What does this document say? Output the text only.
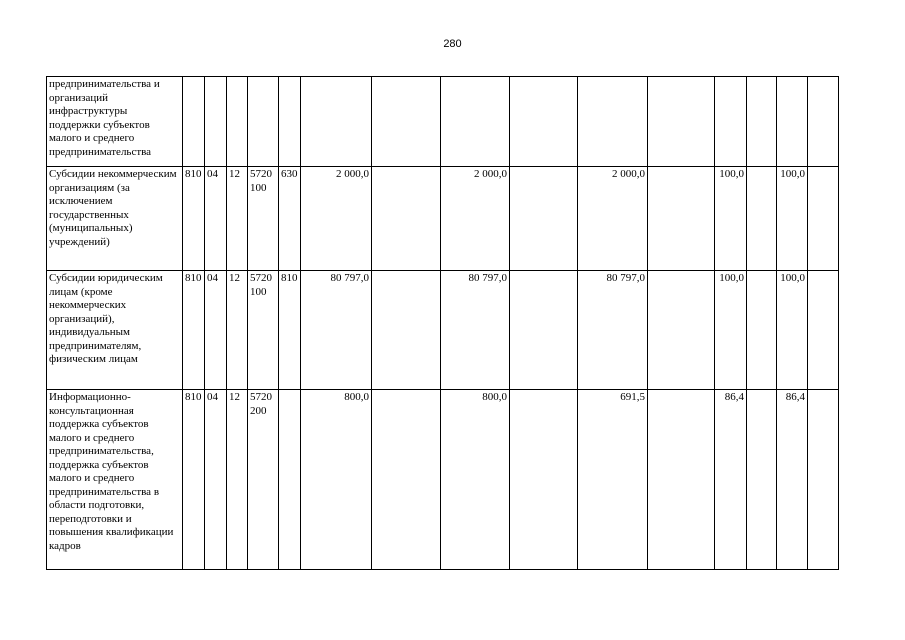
280
предпринимательства и организаций инфраструктуры поддержки субъектов малого и среднего предпринимательства															
Субсидии некоммерческим организациям (за исключением государственных (муниципальных) учреждений)	810	04	12	5720 100	630	2 000,0		2 000,0		2 000,0		100,0		100,0	
Субсидии юридическим лицам (кроме некоммерческих организаций), индивидуальным предпринимателям, физическим лицам	810	04	12	5720 100	810	80 797,0		80 797,0		80 797,0		100,0		100,0	
Информационно-консультационная поддержка субъектов малого и среднего предпринимательства, поддержка субъектов малого и среднего предпринимательства в области подготовки, переподготовки и повышения квалификации кадров	810	04	12	5720 200		800,0		800,0		691,5		86,4		86,4	
